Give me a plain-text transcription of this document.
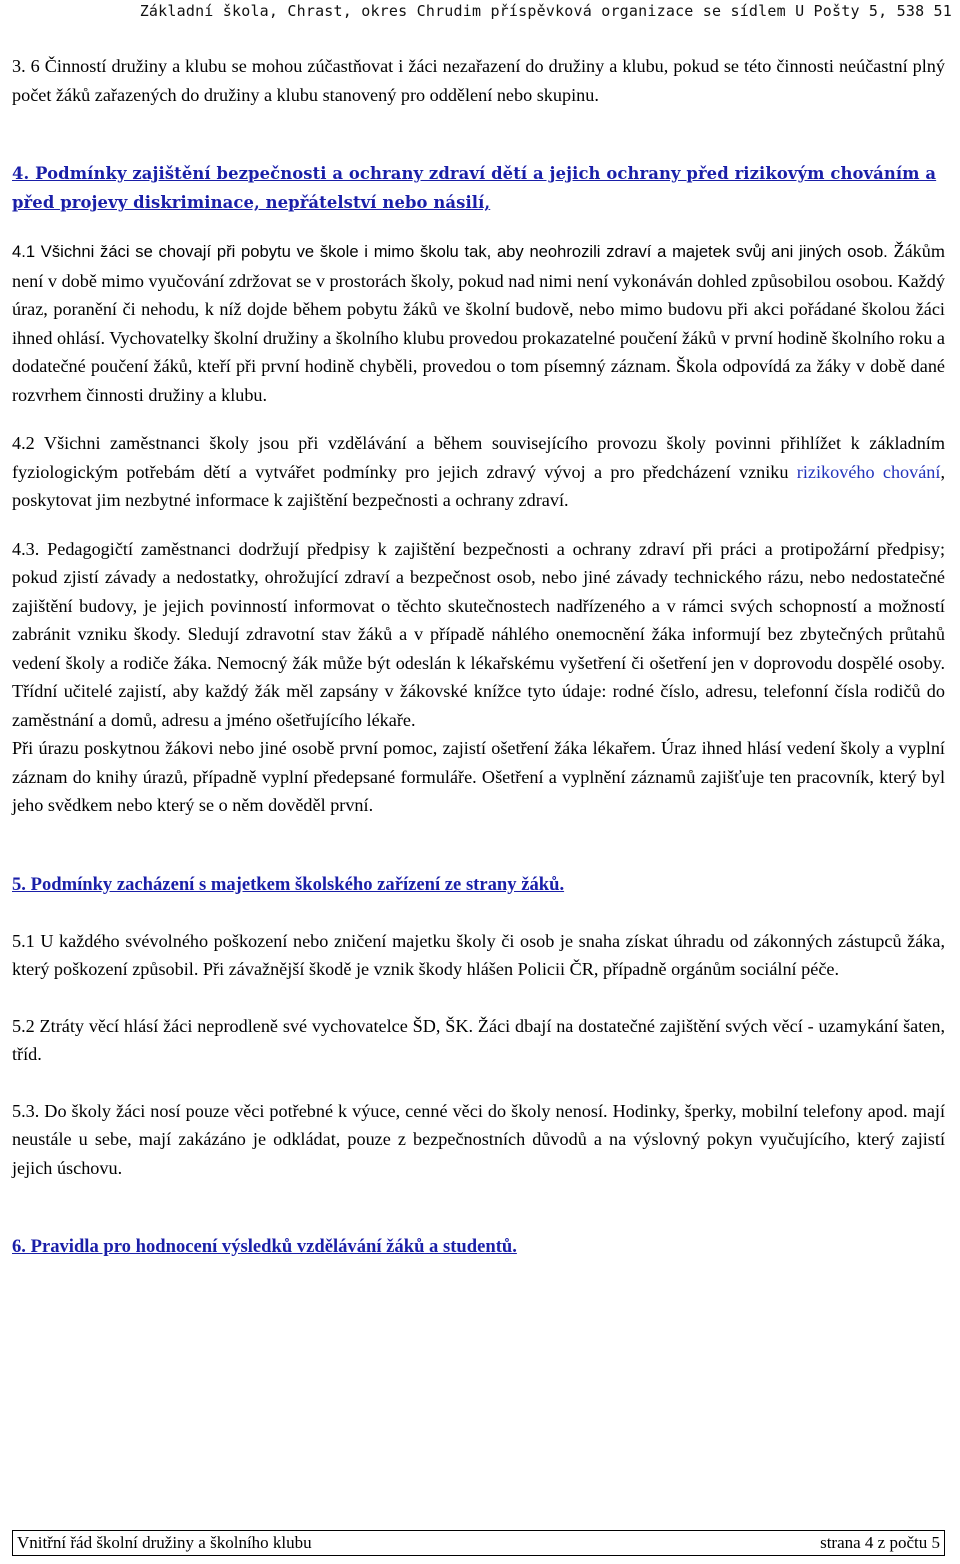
Základní škola, Chrast, okres Chrudim příspěvková organizace se sídlem U Pošty 5, 538 51

3. 6 Činností družiny a klubu se mohou zúčastňovat i žáci nezařazení do družiny a klubu, pokud se této činnosti neúčastní plný počet žáků zařazených do družiny a klubu stanovený pro oddělení nebo skupinu.

4. Podmínky zajištění bezpečnosti a ochrany zdraví dětí a jejich ochrany před rizikovým chováním a před projevy diskriminace, nepřátelství nebo násilí,

4.1 Všichni žáci se chovají při pobytu ve škole i mimo školu tak, aby neohrozili zdraví a majetek svůj ani jiných osob. Žákům není v době mimo vyučování zdržovat se v prostorách školy, pokud nad nimi není vykonáván dohled způsobilou osobou. Každý úraz, poranění či nehodu, k níž dojde během pobytu žáků ve školní budově, nebo mimo budovu při akci pořádané školou žáci ihned ohlásí. Vychovatelky školní družiny a školního klubu provedou prokazatelné poučení žáků v první hodině školního roku a dodatečné poučení žáků, kteří při první hodině chyběli, provedou o tom písemný záznam. Škola odpovídá za žáky v době dané rozvrhem činnosti družiny a klubu.

4.2 Všichni zaměstnanci školy jsou při vzdělávání a během souvisejícího provozu školy povinni přihlížet k základním fyziologickým potřebám dětí a vytvářet podmínky pro jejich zdravý vývoj a pro předcházení vzniku rizikového chování, poskytovat jim nezbytné informace k zajištění bezpečnosti a ochrany zdraví.

4.3. Pedagogičtí zaměstnanci dodržují předpisy k zajištění bezpečnosti a ochrany zdraví při práci a protipožární předpisy; pokud zjistí závady a nedostatky, ohrožující zdraví a bezpečnost osob, nebo jiné závady technického rázu, nebo nedostatečné zajištění budovy, je jejich povinností informovat o těchto skutečnostech nadřízeného a v rámci svých schopností a možností zabránit vzniku škody. Sledují zdravotní stav žáků a v případě náhlého onemocnění žáka informují bez zbytečných průtahů vedení školy a rodiče žáka. Nemocný žák může být odeslán k lékařskému vyšetření či ošetření jen v doprovodu dospělé osoby. Třídní učitelé zajistí, aby každý žák měl zapsány v žákovské knížce tyto údaje: rodné číslo, adresu, telefonní čísla rodičů do zaměstnání a domů, adresu a jméno ošetřujícího lékaře.

Při úrazu poskytnou žákovi nebo jiné osobě první pomoc, zajistí ošetření žáka lékařem. Úraz ihned hlásí vedení školy a vyplní záznam do knihy úrazů, případně vyplní předepsané formuláře. Ošetření a vyplnění záznamů zajišťuje ten pracovník, který byl jeho svědkem nebo který se o něm dověděl první.

5. Podmínky zacházení s majetkem školského zařízení ze strany žáků.

5.1 U každého svévolného poškození nebo zničení majetku školy či osob je snaha získat úhradu od zákonných zástupců žáka, který poškození způsobil. Při závažnější škodě je vznik škody hlášen Policii ČR, případně orgánům sociální péče.

5.2 Ztráty věcí hlásí žáci neprodleně své vychovatelce ŠD, ŠK. Žáci dbají na dostatečné zajištění svých věcí - uzamykání šaten, tříd.

5.3. Do školy žáci nosí pouze věci potřebné k výuce, cenné věci do školy nenosí. Hodinky, šperky, mobilní telefony apod. mají neustále u sebe, mají zakázáno je odkládat, pouze z bezpečnostních důvodů a na výslovný pokyn vyučujícího, který zajistí jejich úschovu.

6. Pravidla pro hodnocení výsledků vzdělávání žáků a studentů.
Vnitřní řád školní družiny a školního klubu	strana 4 z počtu 5
